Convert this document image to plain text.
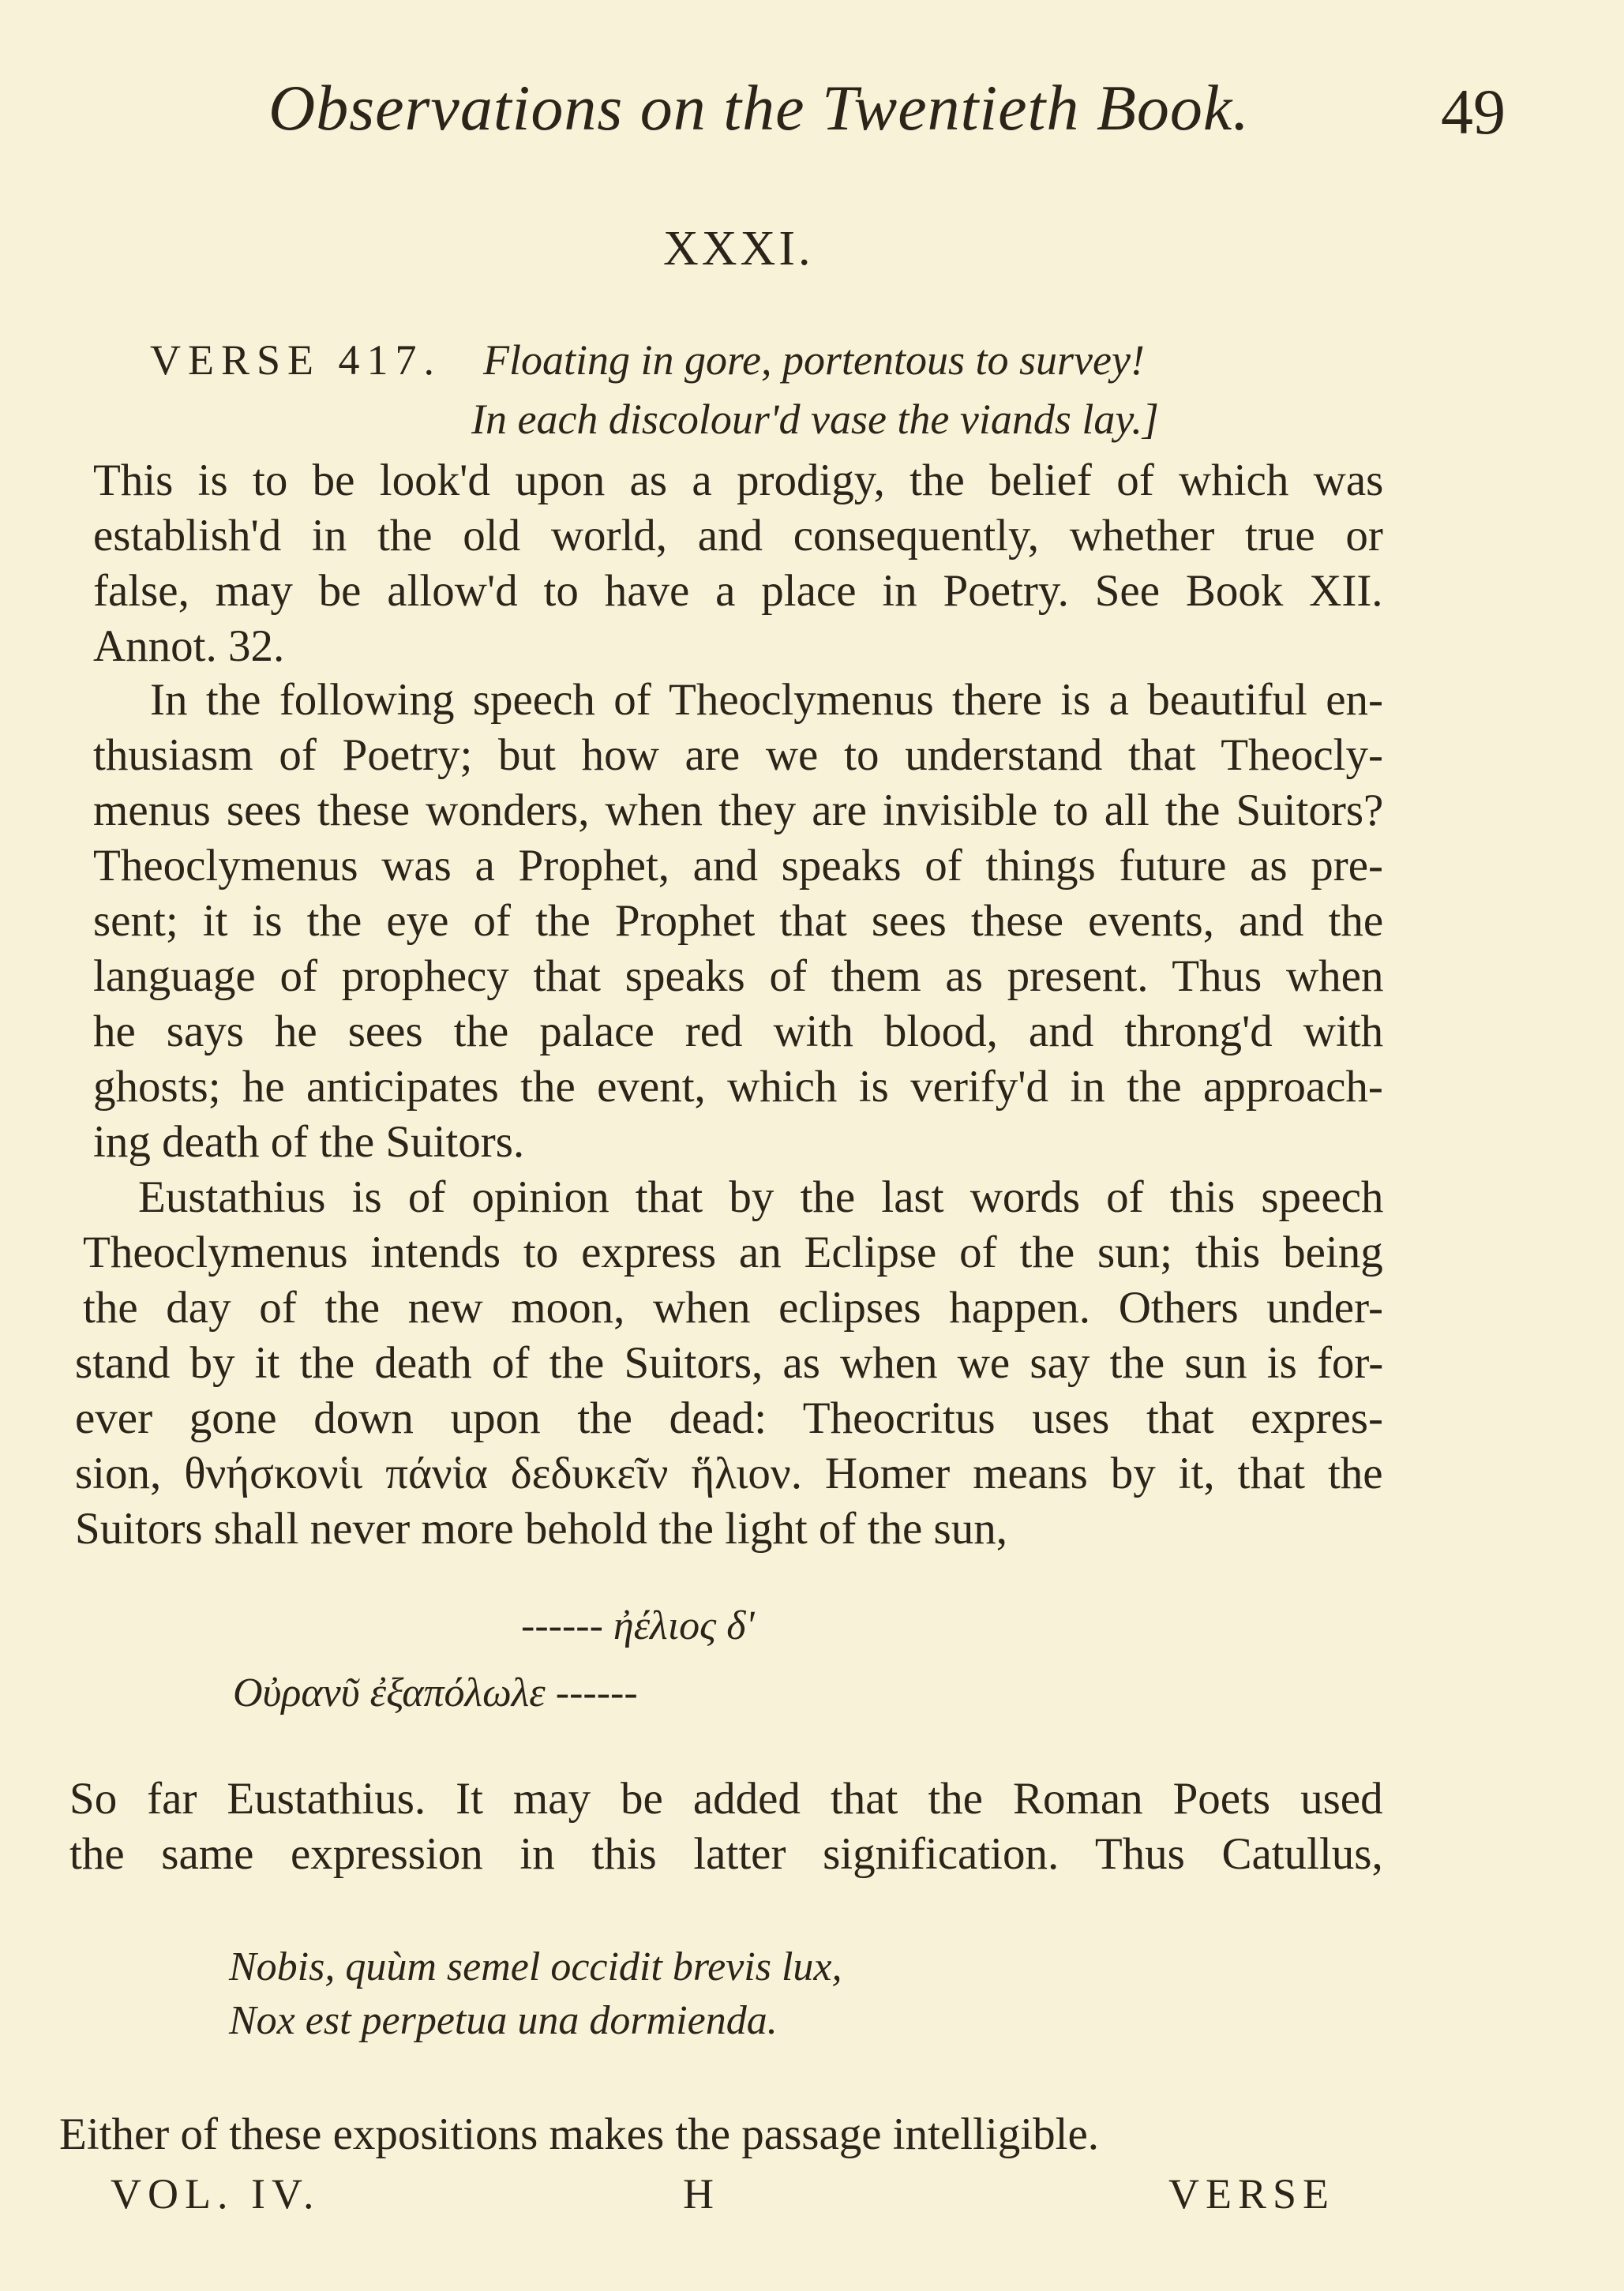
Observations on the Twentieth Book.	49
XXXI.
VERSE 417. Floating in gore, portentous to survey!
In each discolour'd vase the viands lay.]
This is to be look'd upon as a prodigy, the belief of which was
establish'd in the old world, and consequently, whether true or
false, may be allow'd to have a place in Poetry. See Book XII.
Annot. 32.
In the following speech of Theoclymenus there is a beautiful en-
thusiasm of Poetry; but how are we to understand that Theocly-
menus sees these wonders, when they are invisible to all the Suitors?
Theoclymenus was a Prophet, and speaks of things future as pre-
sent; it is the eye of the Prophet that sees these events, and the
language of prophecy that speaks of them as present. Thus when
he says he sees the palace red with blood, and throng'd with
ghosts; he anticipates the event, which is verify'd in the approach-
ing death of the Suitors.
Eustathius is of opinion that by the last words of this speech
Theoclymenus intends to express an Eclipse of the sun; this being
the day of the new moon, when eclipses happen. Others under-
stand by it the death of the Suitors, as when we say the sun is for-
ever gone down upon the dead: Theocritus uses that expres-
sion, θνήσκονἱι πάνἱα δεδυκεῖν ἥλιον. Homer means by it, that the
Suitors shall never more behold the light of the sun,
So far Eustathius. It may be added that the Roman Poets used
the same expression in this latter signification. Thus Catullus,
Either of these expositions makes the passage intelligible.
------ ἠέλιος δ'
Οὐρανῦ ἐξαπόλωλε ------
Nobis, quùm semel occidit brevis lux,
Nox est perpetua una dormienda.
VOL. IV.	H	VERSE
